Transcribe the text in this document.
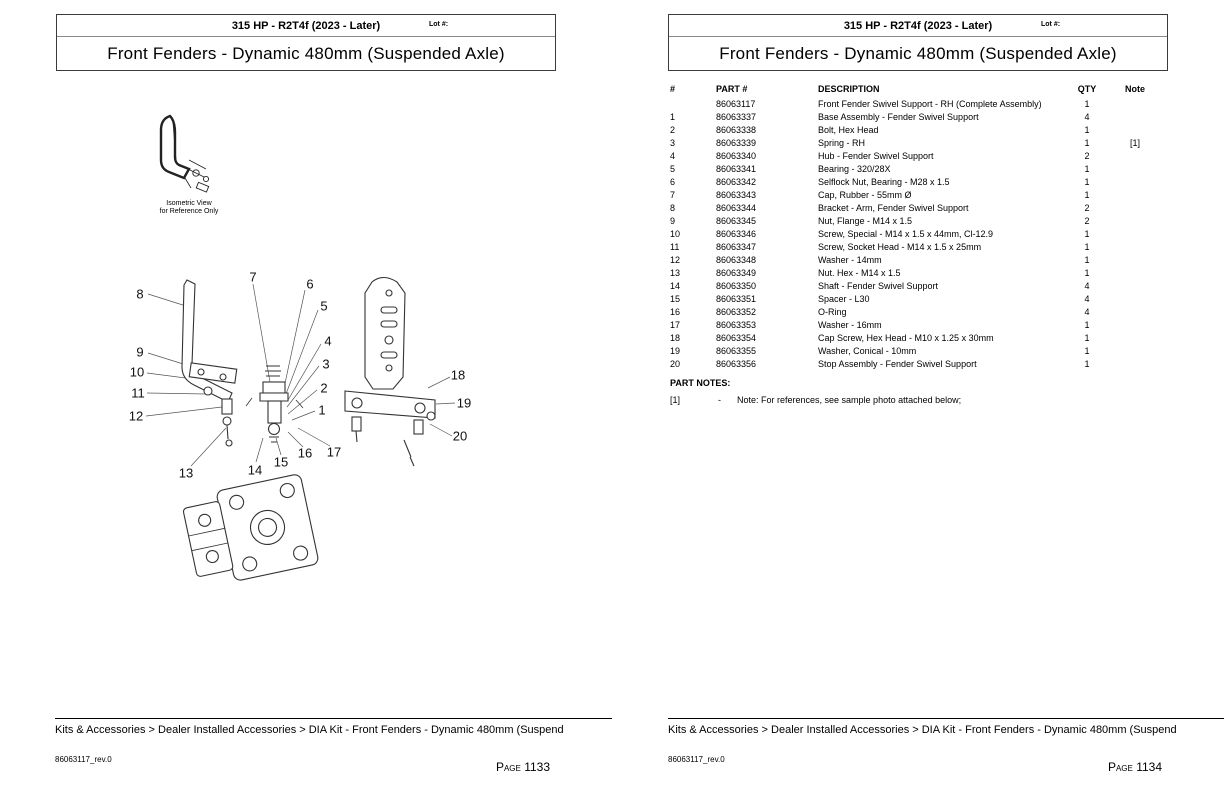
315 HP - R2T4f (2023 - Later)	Lot #:
Front Fenders - Dynamic 480mm (Suspended Axle)
Isometric View
for Reference Only
7	6
8
5
4
9
3
10
2
11
1
12
18
19
20
13	14
15
16 17
Kits & Accessories > Dealer Installed Accessories > DIA Kit - Front Fenders - Dynamic 480mm (Suspend
86063117_rev.0
Page 1133
315 HP - R2T4f (2023 - Later)	Lot #:
Front Fenders - Dynamic 480mm (Suspended Axle)
#	PART #	DESCRIPTION	QTY	Note
	86063117	Front Fender Swivel Support - RH (Complete Assembly)	1	
1	86063337	Base Assembly - Fender Swivel Support	4	
2	86063338	Bolt, Hex Head	1	
3	86063339	Spring - RH	1	[1]
4	86063340	Hub - Fender Swivel Support	2	
5	86063341	Bearing - 320/28X	1	
6	86063342	Selflock Nut, Bearing - M28 x 1.5	1	
7	86063343	Cap, Rubber - 55mm Ø	1	
8	86063344	Bracket - Arm, Fender Swivel Support	2	
9	86063345	Nut, Flange - M14 x 1.5	2	
10	86063346	Screw, Special - M14 x 1.5 x 44mm, Cl-12.9	1	
11	86063347	Screw, Socket Head - M14 x 1.5 x 25mm	1	
12	86063348	Washer - 14mm	1	
13	86063349	Nut. Hex - M14 x 1.5	1	
14	86063350	Shaft - Fender Swivel Support	4	
15	86063351	Spacer - L30	4	
16	86063352	O-Ring	4	
17	86063353	Washer - 16mm	1	
18	86063354	Cap Screw, Hex Head - M10 x 1.25 x 30mm	1	
19	86063355	Washer, Conical - 10mm	1	
20	86063356	Stop Assembly - Fender Swivel Support	1	
PART NOTES:
[1]	-	Note: For references, see sample photo attached below;
Kits & Accessories > Dealer Installed Accessories > DIA Kit - Front Fenders - Dynamic 480mm (Suspend
86063117_rev.0
Page 1134
